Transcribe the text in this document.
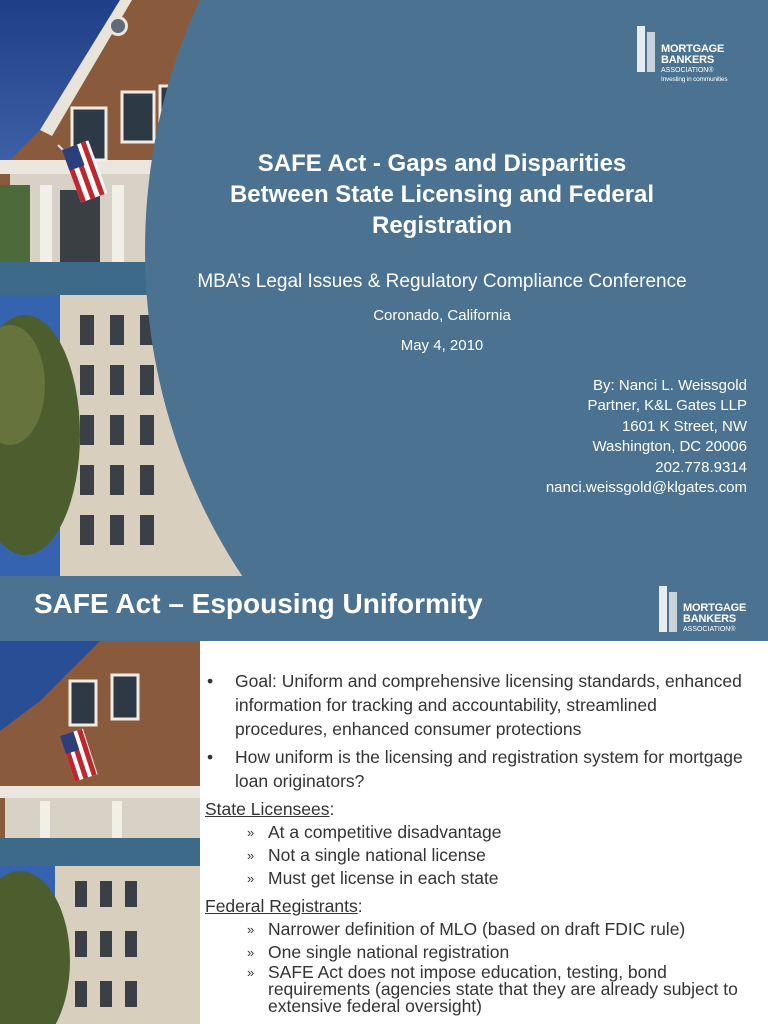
MORTGAGE
BANKERS
ASSOCIATION®
Investing in communities
SAFE Act - Gaps and Disparities
Between State Licensing and Federal
Registration
MBA’s Legal Issues & Regulatory Compliance Conference
Coronado, California
May 4, 2010
By: Nanci L. Weissgold
Partner, K&L Gates LLP
1601 K Street, NW
Washington, DC 20006
202.778.9314
nanci.weissgold@klgates.com
SAFE Act – Espousing Uniformity	MORTGAGE
BANKERS
ASSOCIATION®
• Goal: Uniform and comprehensive licensing standards, enhanced information for tracking and accountability, streamlined procedures, enhanced consumer protections
• How uniform is the licensing and registration system for mortgage loan originators?
State Licensees:
» At a competitive disadvantage
» Not a single national license
» Must get license in each state
Federal Registrants:
» Narrower definition of MLO (based on draft FDIC rule)
» One single national registration
» SAFE Act does not impose education, testing, bond requirements (agencies state that they are already subject to extensive federal oversight)
